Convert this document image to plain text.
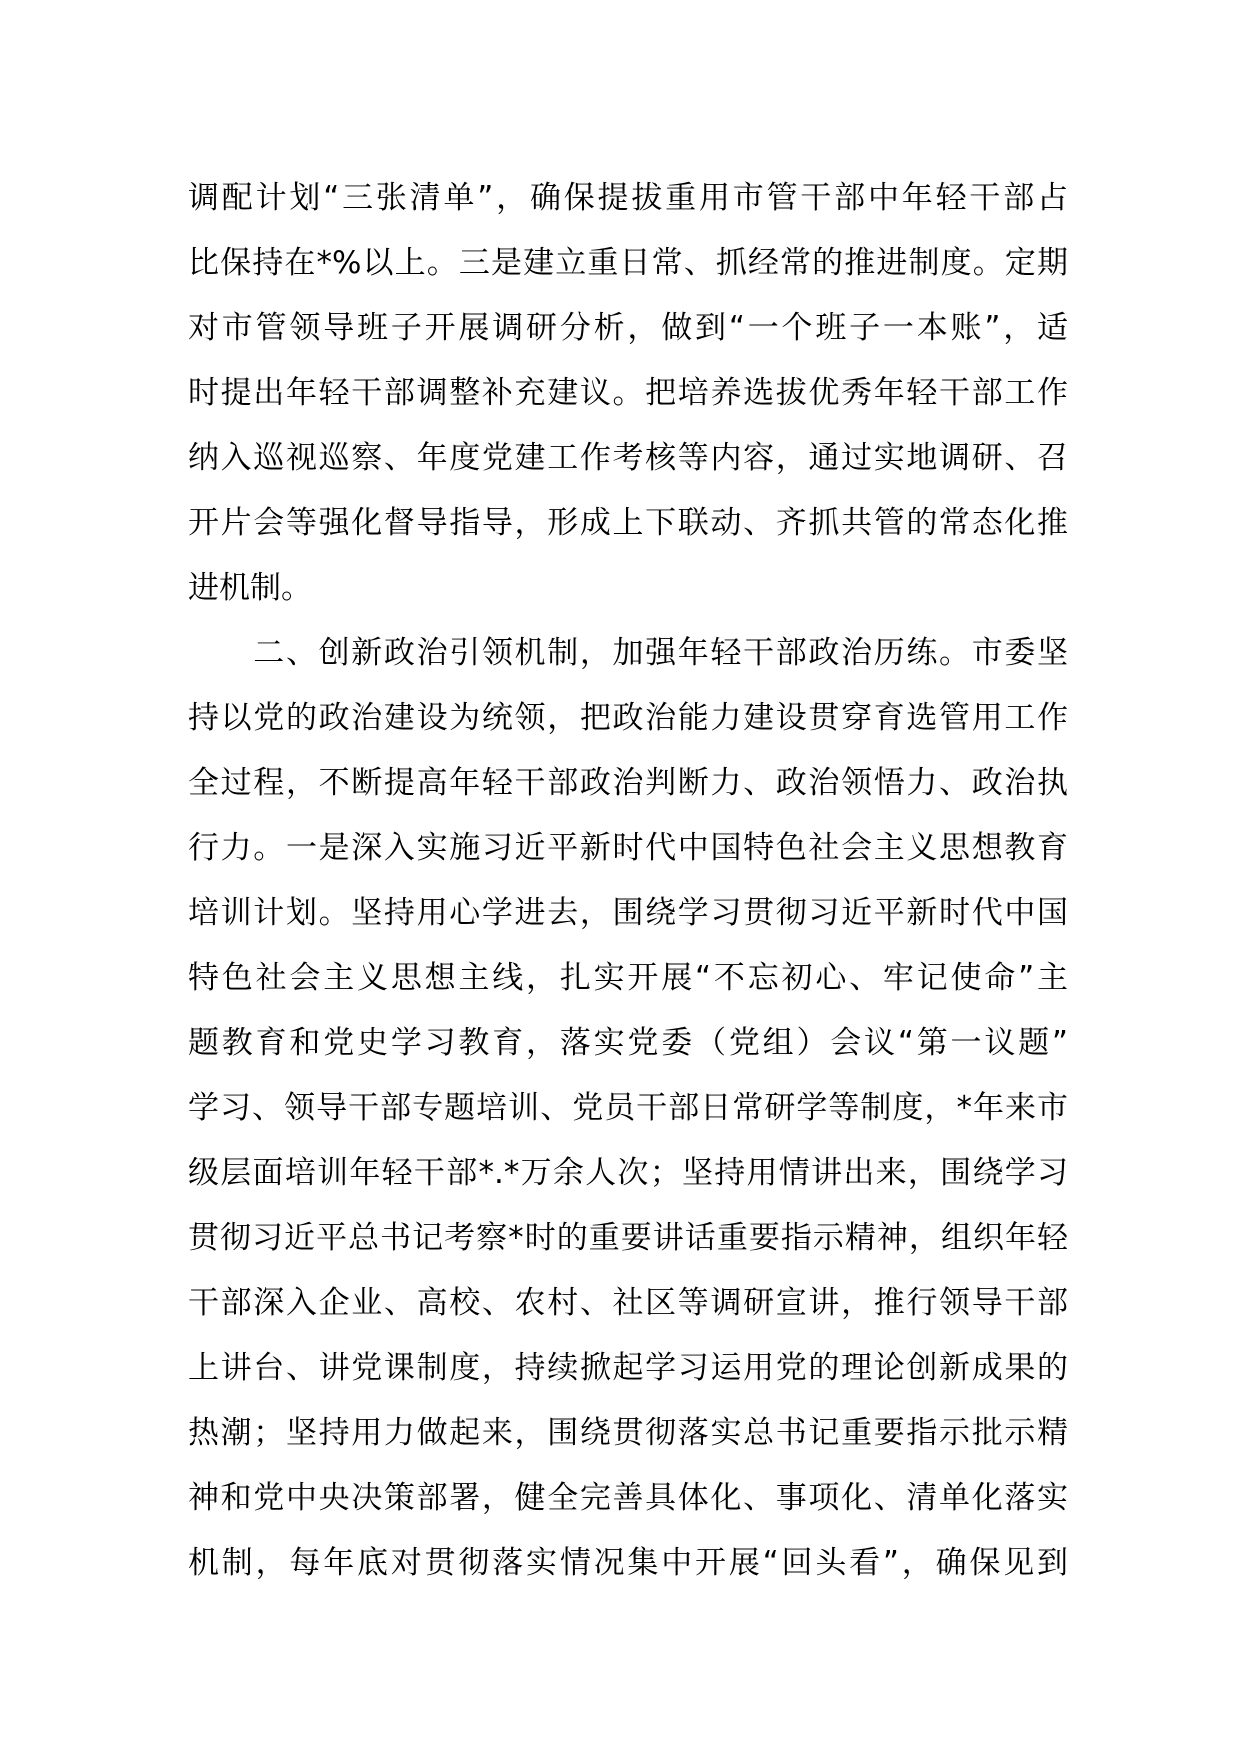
调配计划“三张清单”，确保提拔重用市管干部中年轻干部占
比保持在*%以上。三是建立重日常、抓经常的推进制度。定期
对市管领导班子开展调研分析，做到“一个班子一本账”，适
时提出年轻干部调整补充建议。把培养选拔优秀年轻干部工作
纳入巡视巡察、年度党建工作考核等内容，通过实地调研、召
开片会等强化督导指导，形成上下联动、齐抓共管的常态化推
进机制。
　　二、创新政治引领机制，加强年轻干部政治历练。市委坚
持以党的政治建设为统领，把政治能力建设贯穿育选管用工作
全过程，不断提高年轻干部政治判断力、政治领悟力、政治执
行力。一是深入实施习近平新时代中国特色社会主义思想教育
培训计划。坚持用心学进去，围绕学习贯彻习近平新时代中国
特色社会主义思想主线，扎实开展“不忘初心、牢记使命”主
题教育和党史学习教育，落实党委（党组）会议“第一议题”
学习、领导干部专题培训、党员干部日常研学等制度，*年来市
级层面培训年轻干部*.*万余人次；坚持用情讲出来，围绕学习
贯彻习近平总书记考察*时的重要讲话重要指示精神，组织年轻
干部深入企业、高校、农村、社区等调研宣讲，推行领导干部
上讲台、讲党课制度，持续掀起学习运用党的理论创新成果的
热潮；坚持用力做起来，围绕贯彻落实总书记重要指示批示精
神和党中央决策部署，健全完善具体化、事项化、清单化落实
机制，每年底对贯彻落实情况集中开展“回头看”，确保见到
